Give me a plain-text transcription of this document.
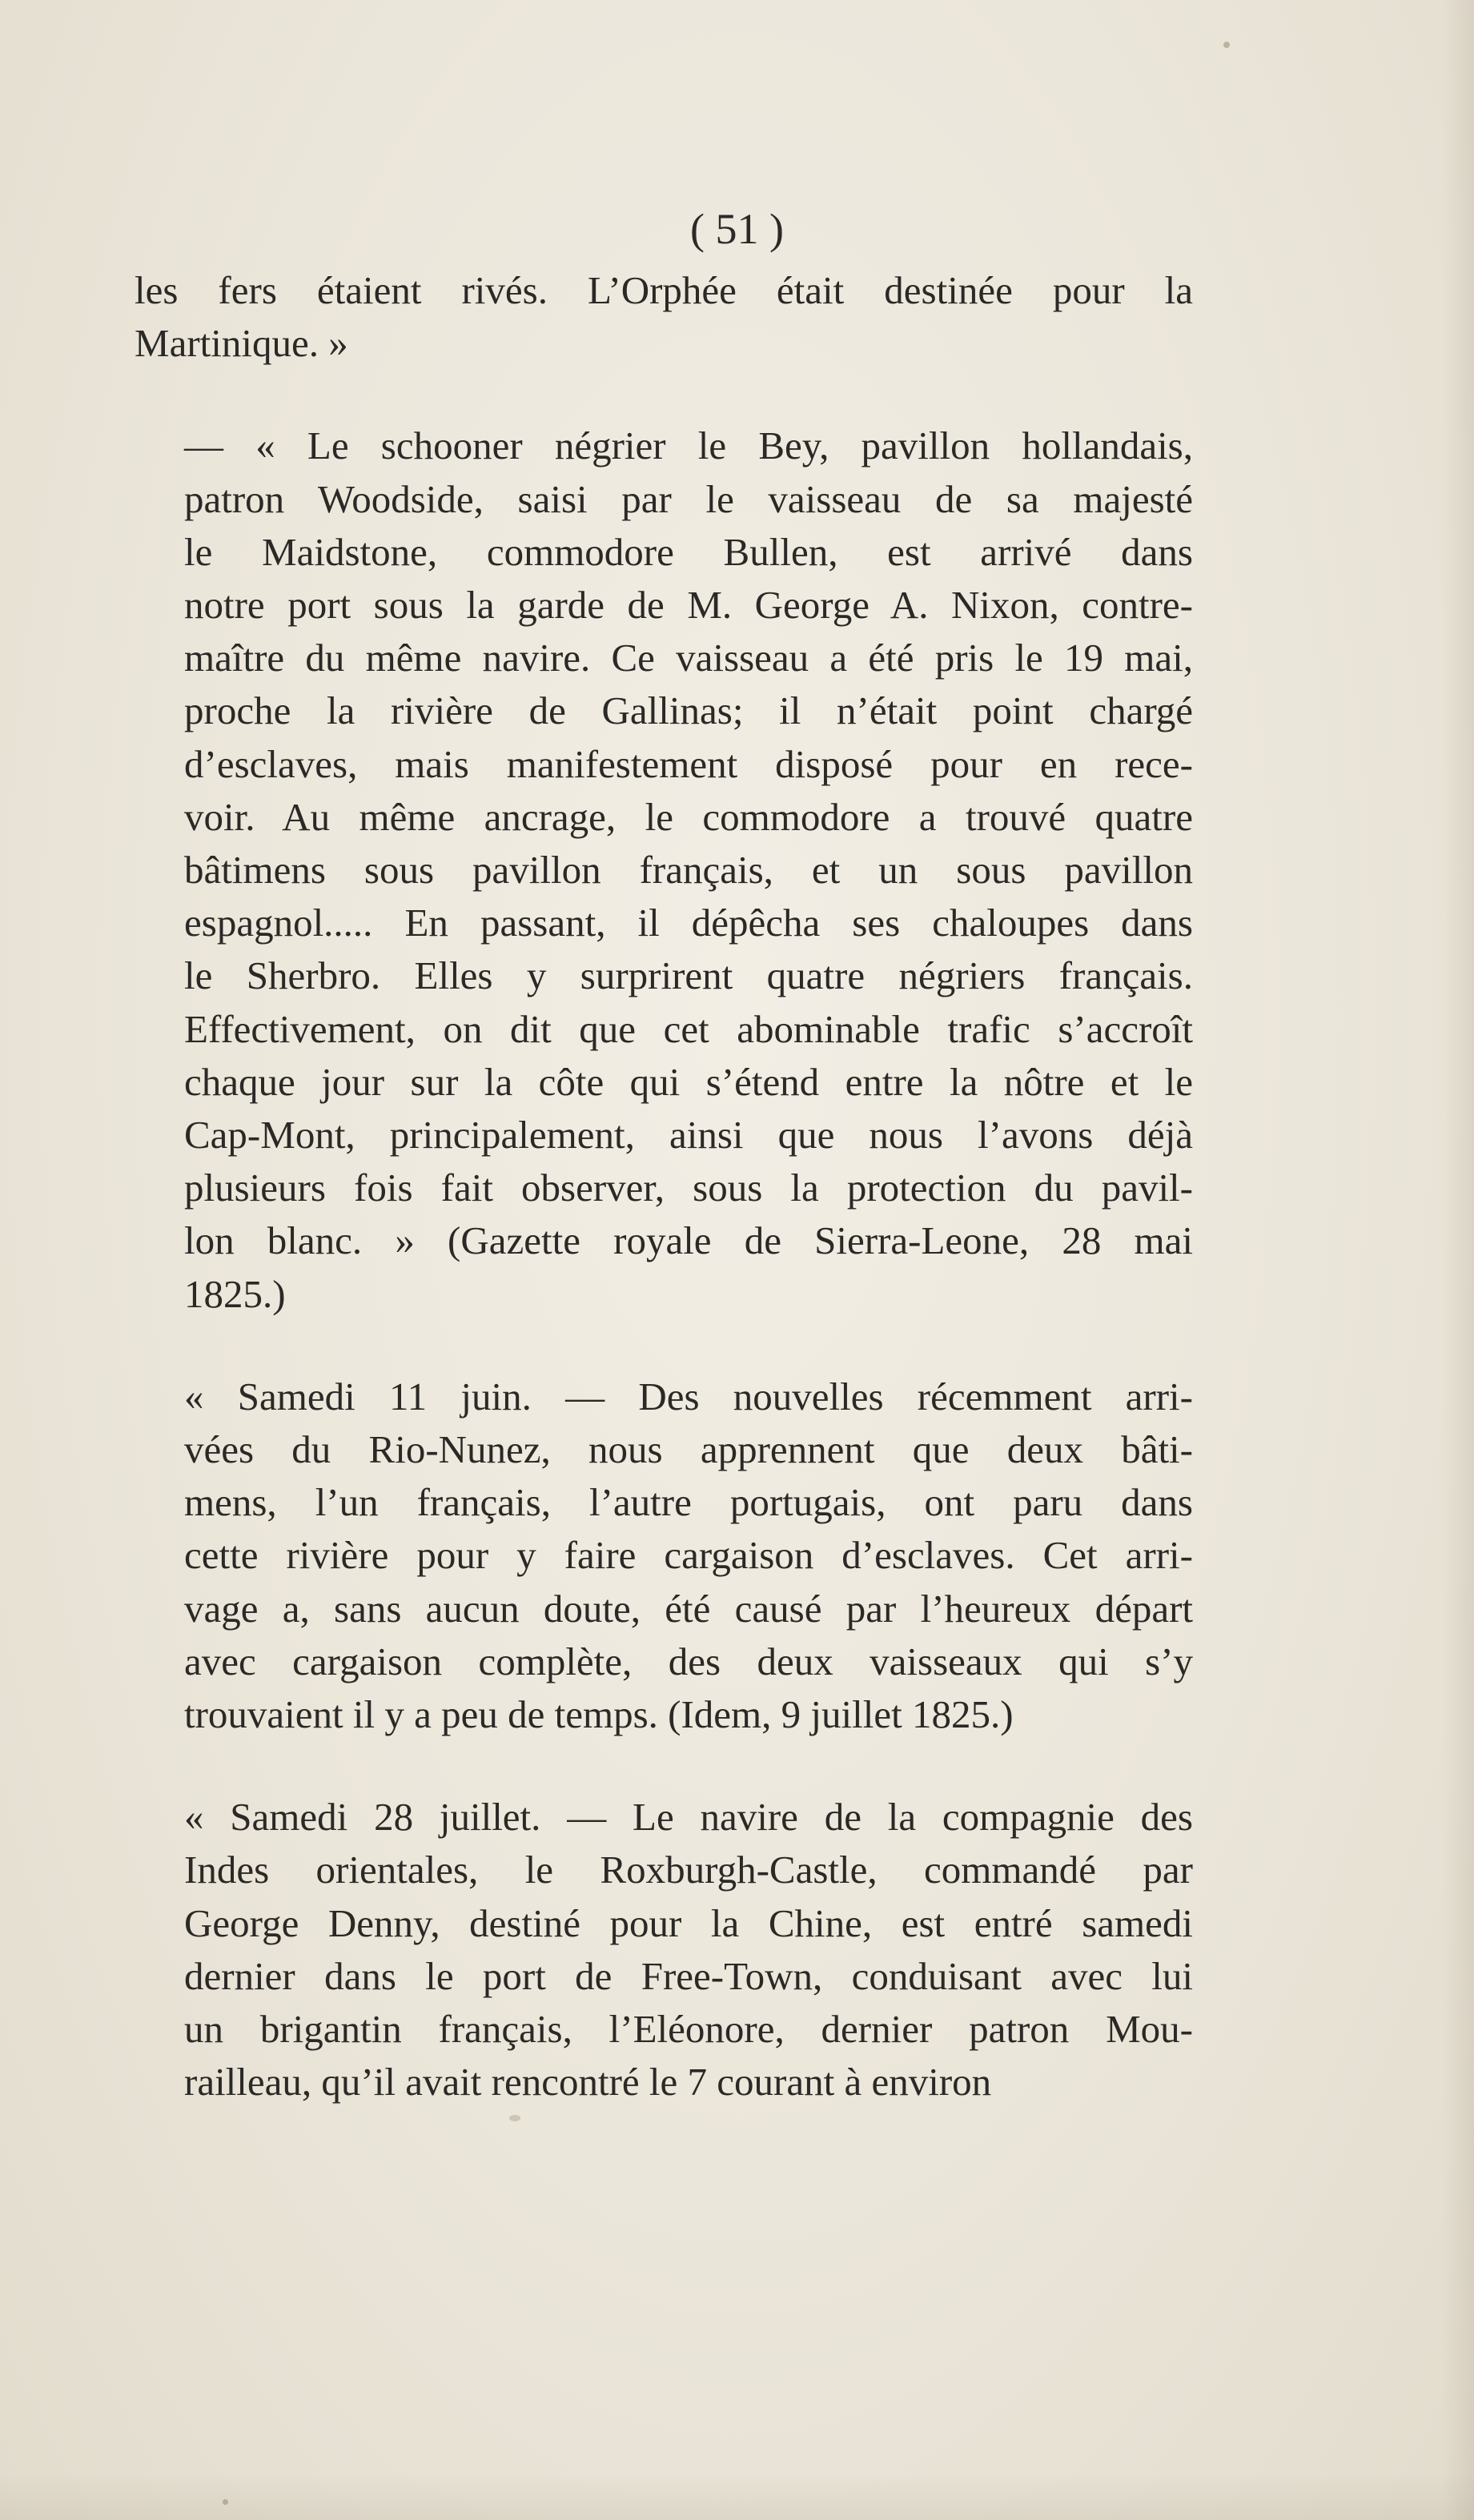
( 51 )
les fers étaient rivés. L’Orphée était destinée pour la
Martinique. »
— « Le schooner négrier le Bey, pavillon hollandais,
patron Woodside, saisi par le vaisseau de sa majesté
le Maidstone, commodore Bullen, est arrivé dans
notre port sous la garde de M. George A. Nixon, contre-
maître du même navire. Ce vaisseau a été pris le 19 mai,
proche la rivière de Gallinas; il n’était point chargé
d’esclaves, mais manifestement disposé pour en rece-
voir. Au même ancrage, le commodore a trouvé quatre
bâtimens sous pavillon français, et un sous pavillon
espagnol..... En passant, il dépêcha ses chaloupes dans
le Sherbro. Elles y surprirent quatre négriers français.
Effectivement, on dit que cet abominable trafic s’accroît
chaque jour sur la côte qui s’étend entre la nôtre et le
Cap-Mont, principalement, ainsi que nous l’avons déjà
plusieurs fois fait observer, sous la protection du pavil-
lon blanc. » (Gazette royale de Sierra-Leone, 28 mai
1825.)
« Samedi 11 juin. — Des nouvelles récemment arri-
vées du Rio-Nunez, nous apprennent que deux bâti-
mens, l’un français, l’autre portugais, ont paru dans
cette rivière pour y faire cargaison d’esclaves. Cet arri-
vage a, sans aucun doute, été causé par l’heureux départ
avec cargaison complète, des deux vaisseaux qui s’y
trouvaient il y a peu de temps. (Idem, 9 juillet 1825.)
« Samedi 28 juillet. — Le navire de la compagnie des
Indes orientales, le Roxburgh-Castle, commandé par
George Denny, destiné pour la Chine, est entré samedi
dernier dans le port de Free-Town, conduisant avec lui
un brigantin français, l’Eléonore, dernier patron Mou-
railleau, qu’il avait rencontré le 7 courant à environ
